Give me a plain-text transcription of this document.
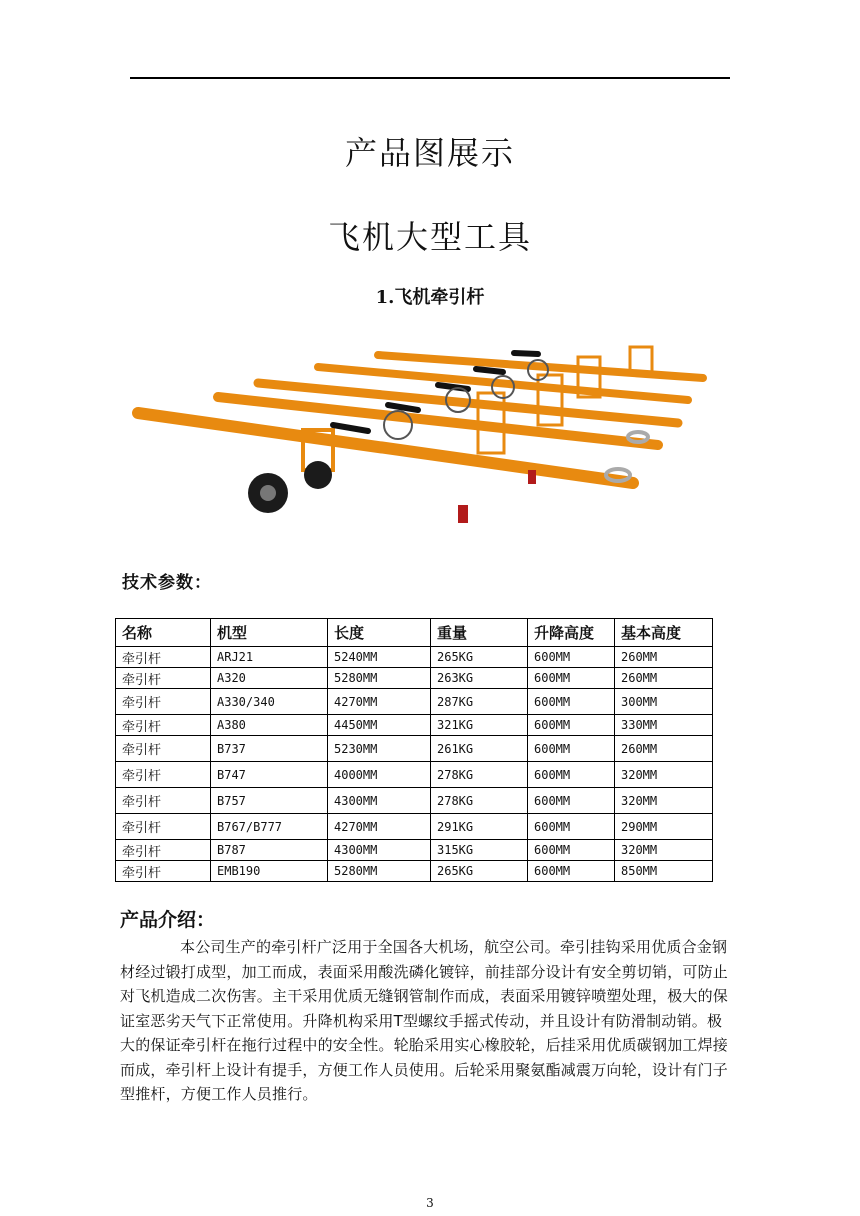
产品图展示
飞机大型工具
1.飞机牵引杆
技术参数：
名称	机型	长度	重量	升降高度	基本高度
牵引杆	ARJ21	5240MM	265KG	600MM	260MM
牵引杆	A320	5280MM	263KG	600MM	260MM
牵引杆	A330/340	4270MM	287KG	600MM	300MM
牵引杆	A380	4450MM	321KG	600MM	330MM
牵引杆	B737	5230MM	261KG	600MM	260MM
牵引杆	B747	4000MM	278KG	600MM	320MM
牵引杆	B757	4300MM	278KG	600MM	320MM
牵引杆	B767/B777	4270MM	291KG	600MM	290MM
牵引杆	B787	4300MM	315KG	600MM	320MM
牵引杆	EMB190	5280MM	265KG	600MM	850MM
产品介绍：
本公司生产的牵引杆广泛用于全国各大机场，航空公司。牵引挂钩采用优质合金钢材经过锻打成型，加工而成，表面采用酸洗磷化镀锌，前挂部分设计有安全剪切销，可防止对飞机造成二次伤害。主干采用优质无缝钢管制作而成，表面采用镀锌喷塑处理，极大的保证室恶劣天气下正常使用。升降机构采用T型螺纹手摇式传动，并且设计有防滑制动销。极大的保证牵引杆在拖行过程中的安全性。轮胎采用实心橡胶轮，后挂采用优质碳钢加工焊接而成，牵引杆上设计有提手，方便工作人员使用。后轮采用聚氨酯减震万向轮，设计有门子型推杆，方便工作人员推行。
3
